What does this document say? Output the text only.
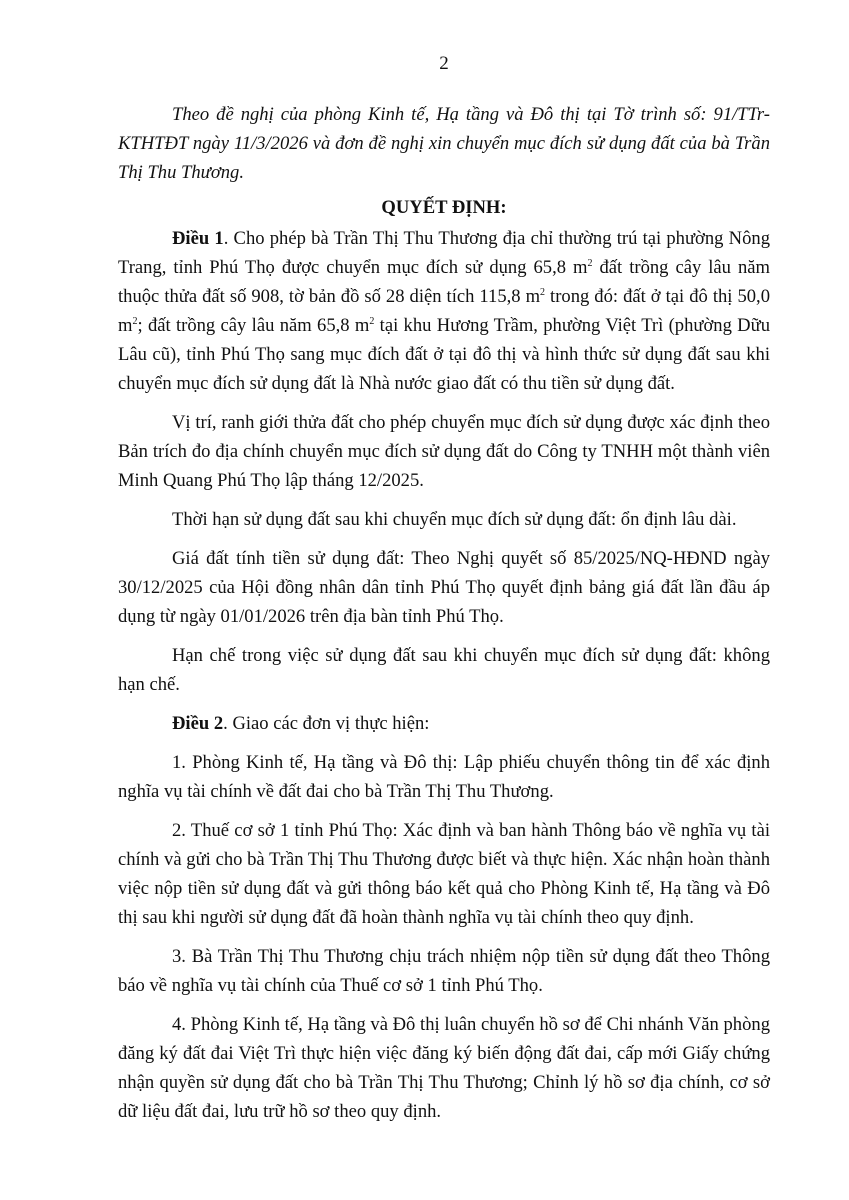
2

Theo đề nghị của phòng Kinh tế, Hạ tầng và Đô thị tại Tờ trình số: 91/TTr-KTHTĐT ngày 11/3/2026 và đơn đề nghị xin chuyển mục đích sử dụng đất của bà Trần Thị Thu Thương.

QUYẾT ĐỊNH:

Điều 1. Cho phép bà Trần Thị Thu Thương địa chỉ thường trú tại phường Nông Trang, tỉnh Phú Thọ được chuyển mục đích sử dụng 65,8 $m^2$ đất trồng cây lâu năm thuộc thửa đất số 908, tờ bản đồ số 28 diện tích 115,8 $m^2$ trong đó: đất ở tại đô thị 50,0 $m^2$; đất trồng cây lâu năm 65,8 $m^2$ tại khu Hương Trầm, phường Việt Trì (phường Dữu Lâu cũ), tỉnh Phú Thọ sang mục đích đất ở tại đô thị và hình thức sử dụng đất sau khi chuyển mục đích sử dụng đất là Nhà nước giao đất có thu tiền sử dụng đất.

Vị trí, ranh giới thửa đất cho phép chuyển mục đích sử dụng được xác định theo Bản trích đo địa chính chuyển mục đích sử dụng đất do Công ty TNHH một thành viên Minh Quang Phú Thọ lập tháng 12/2025.

Thời hạn sử dụng đất sau khi chuyển mục đích sử dụng đất: ổn định lâu dài.

Giá đất tính tiền sử dụng đất: Theo Nghị quyết số 85/2025/NQ-HĐND ngày 30/12/2025 của Hội đồng nhân dân tỉnh Phú Thọ quyết định bảng giá đất lần đầu áp dụng từ ngày 01/01/2026 trên địa bàn tỉnh Phú Thọ.

Hạn chế trong việc sử dụng đất sau khi chuyển mục đích sử dụng đất: không hạn chế.

Điều 2. Giao các đơn vị thực hiện:

1. Phòng Kinh tế, Hạ tầng và Đô thị: Lập phiếu chuyển thông tin để xác định nghĩa vụ tài chính về đất đai cho bà Trần Thị Thu Thương.

2. Thuế cơ sở 1 tỉnh Phú Thọ: Xác định và ban hành Thông báo về nghĩa vụ tài chính và gửi cho bà Trần Thị Thu Thương được biết và thực hiện. Xác nhận hoàn thành việc nộp tiền sử dụng đất và gửi thông báo kết quả cho Phòng Kinh tế, Hạ tầng và Đô thị sau khi người sử dụng đất đã hoàn thành nghĩa vụ tài chính theo quy định.

3. Bà Trần Thị Thu Thương chịu trách nhiệm nộp tiền sử dụng đất theo Thông báo về nghĩa vụ tài chính của Thuế cơ sở 1 tỉnh Phú Thọ.

4. Phòng Kinh tế, Hạ tầng và Đô thị luân chuyển hồ sơ để Chi nhánh Văn phòng đăng ký đất đai Việt Trì thực hiện việc đăng ký biến động đất đai, cấp mới Giấy chứng nhận quyền sử dụng đất cho bà Trần Thị Thu Thương; Chỉnh lý hồ sơ địa chính, cơ sở dữ liệu đất đai, lưu trữ hồ sơ theo quy định.
